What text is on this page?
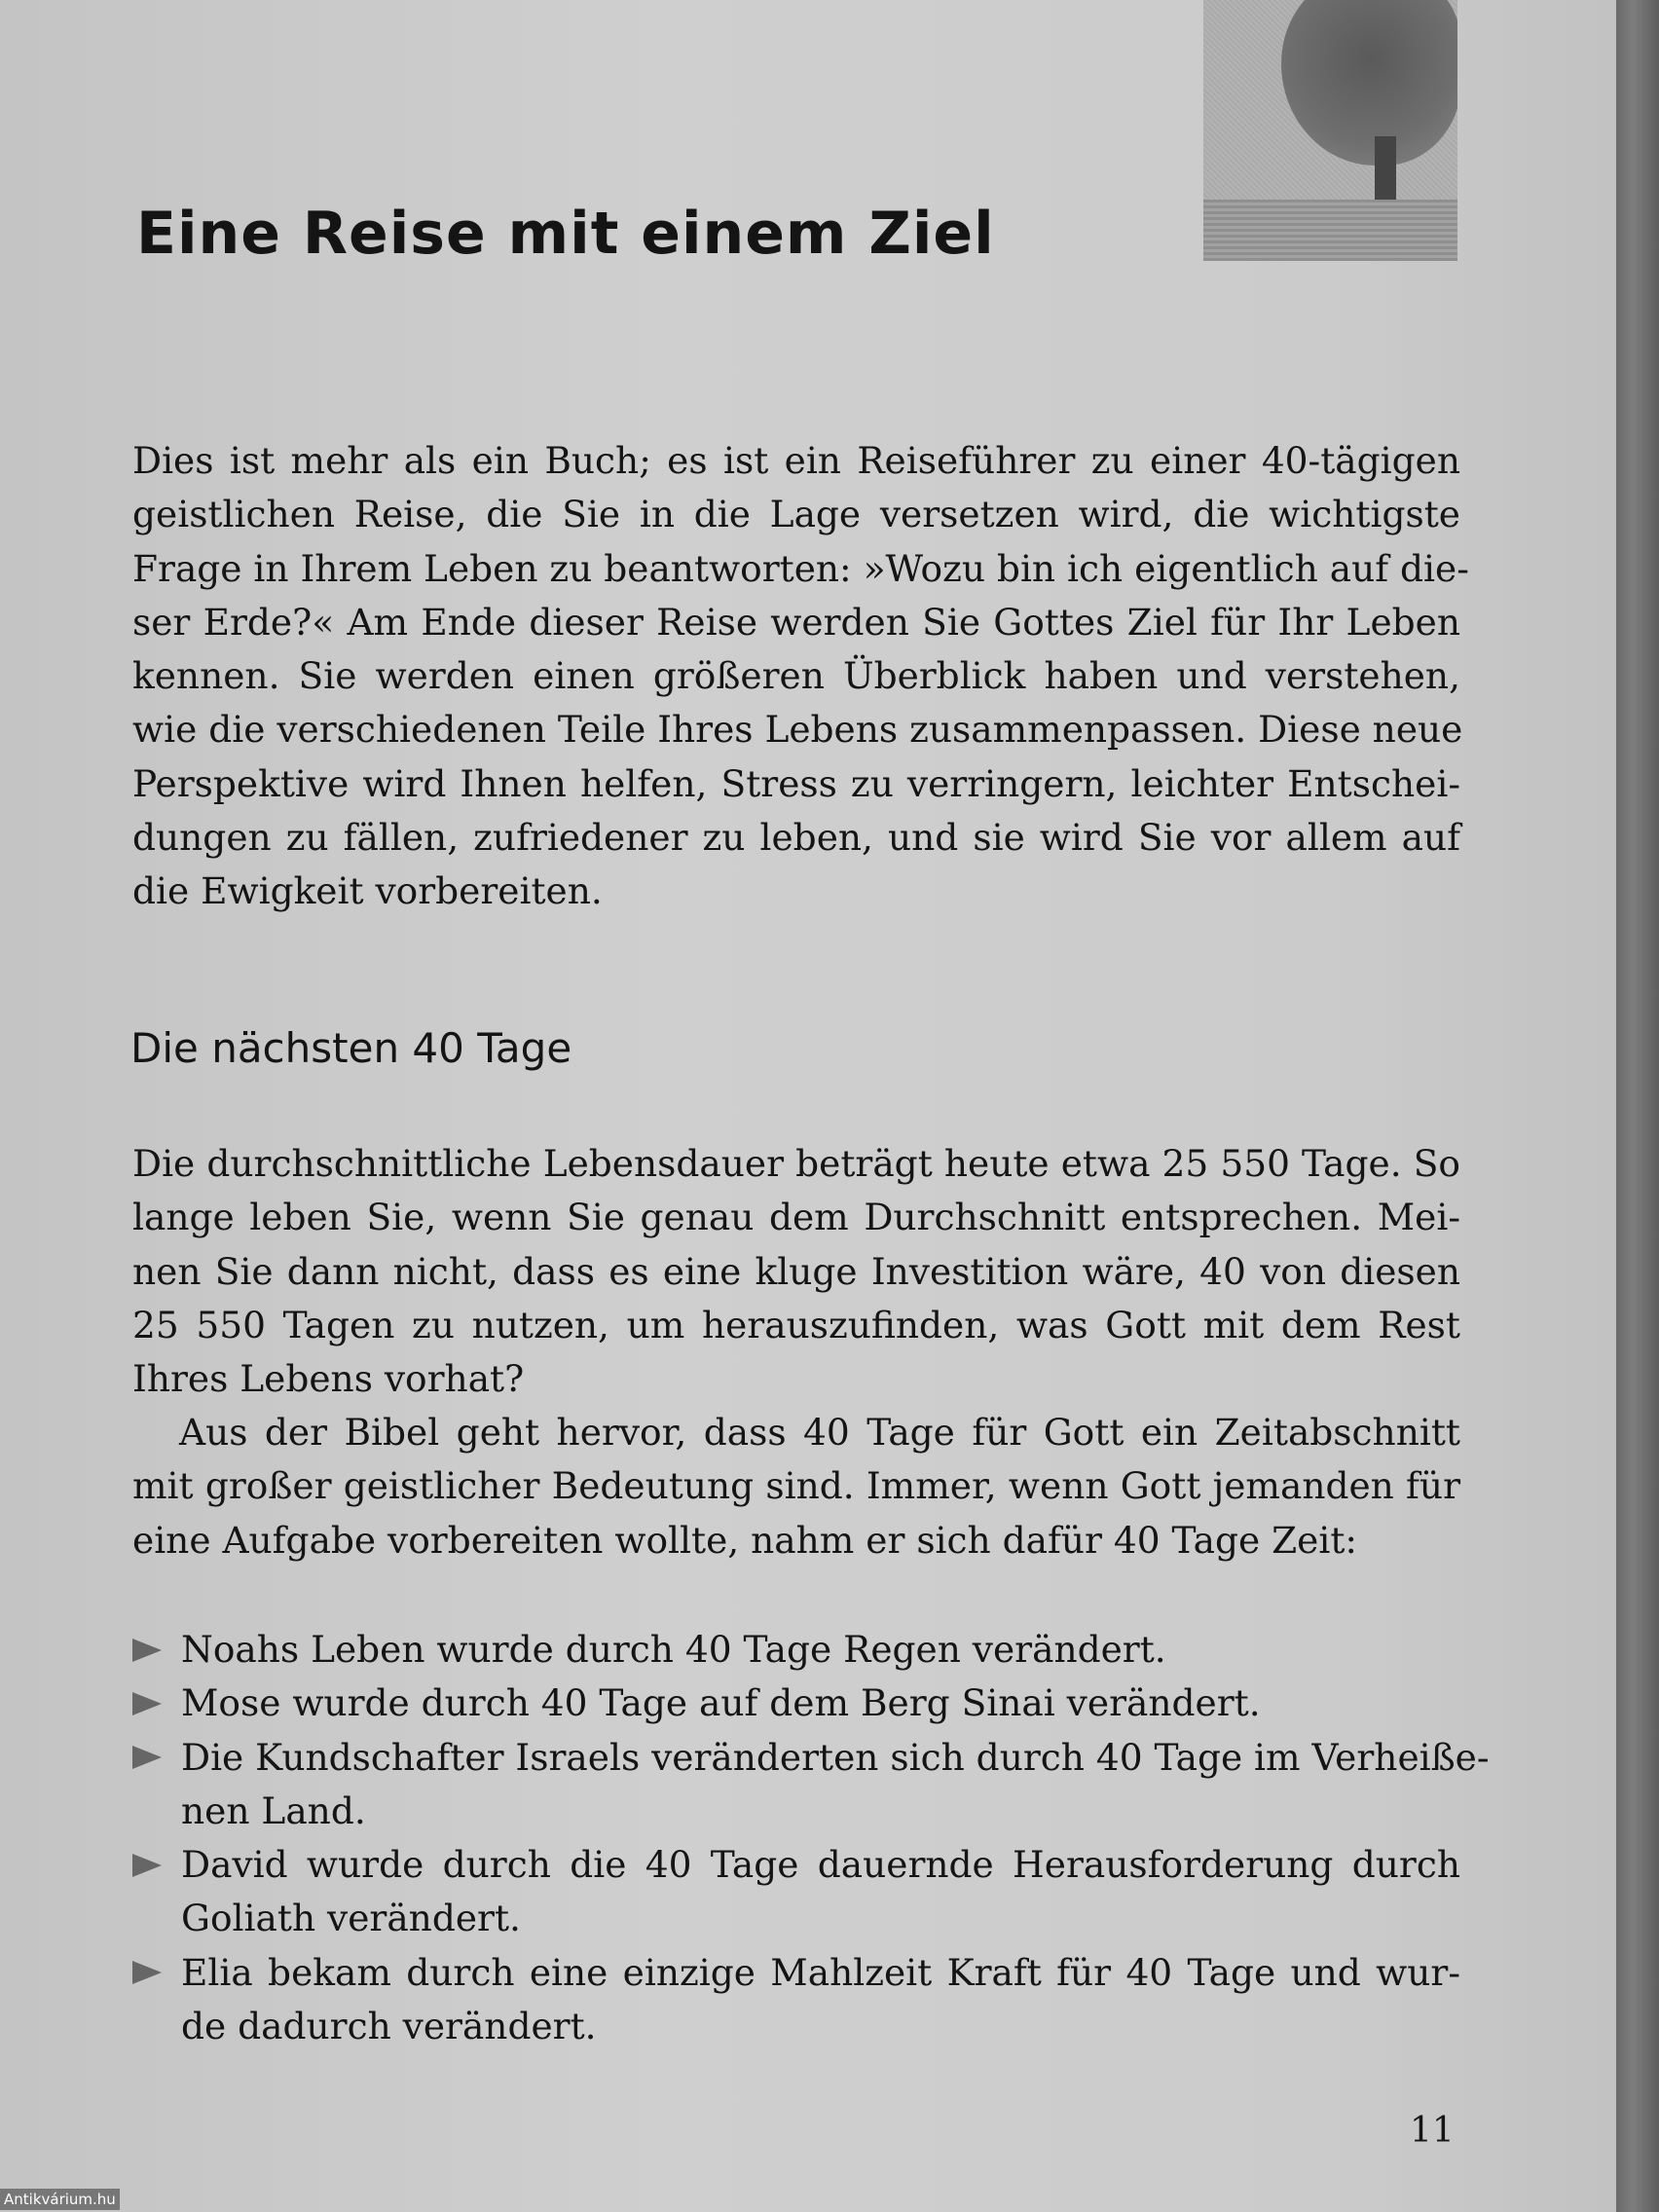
Eine Reise mit einem Ziel
Dies ist mehr als ein Buch; es ist ein Reiseführer zu einer 40-tägigen
geistlichen Reise, die Sie in die Lage versetzen wird, die wichtigste
Frage in Ihrem Leben zu beantworten: »Wozu bin ich eigentlich auf die-
ser Erde?« Am Ende dieser Reise werden Sie Gottes Ziel für Ihr Leben
kennen. Sie werden einen größeren Überblick haben und verstehen,
wie die verschiedenen Teile Ihres Lebens zusammenpassen. Diese neue
Perspektive wird Ihnen helfen, Stress zu verringern, leichter Entschei-
dungen zu fällen, zufriedener zu leben, und sie wird Sie vor allem auf
die Ewigkeit vorbereiten.
Die nächsten 40 Tage
Die durchschnittliche Lebensdauer beträgt heute etwa 25 550 Tage. So
lange leben Sie, wenn Sie genau dem Durchschnitt entsprechen. Mei-
nen Sie dann nicht, dass es eine kluge Investition wäre, 40 von diesen
25 550 Tagen zu nutzen, um herauszufinden, was Gott mit dem Rest
Ihres Lebens vorhat?
Aus der Bibel geht hervor, dass 40 Tage für Gott ein Zeitabschnitt
mit großer geistlicher Bedeutung sind. Immer, wenn Gott jemanden für
eine Aufgabe vorbereiten wollte, nahm er sich dafür 40 Tage Zeit:
Noahs Leben wurde durch 40 Tage Regen verändert.
Mose wurde durch 40 Tage auf dem Berg Sinai verändert.
Die Kundschafter Israels veränderten sich durch 40 Tage im Verheiße-
nen Land.
David wurde durch die 40 Tage dauernde Herausforderung durch
Goliath verändert.
Elia bekam durch eine einzige Mahlzeit Kraft für 40 Tage und wur-
de dadurch verändert.
11
Antikvárium.hu
